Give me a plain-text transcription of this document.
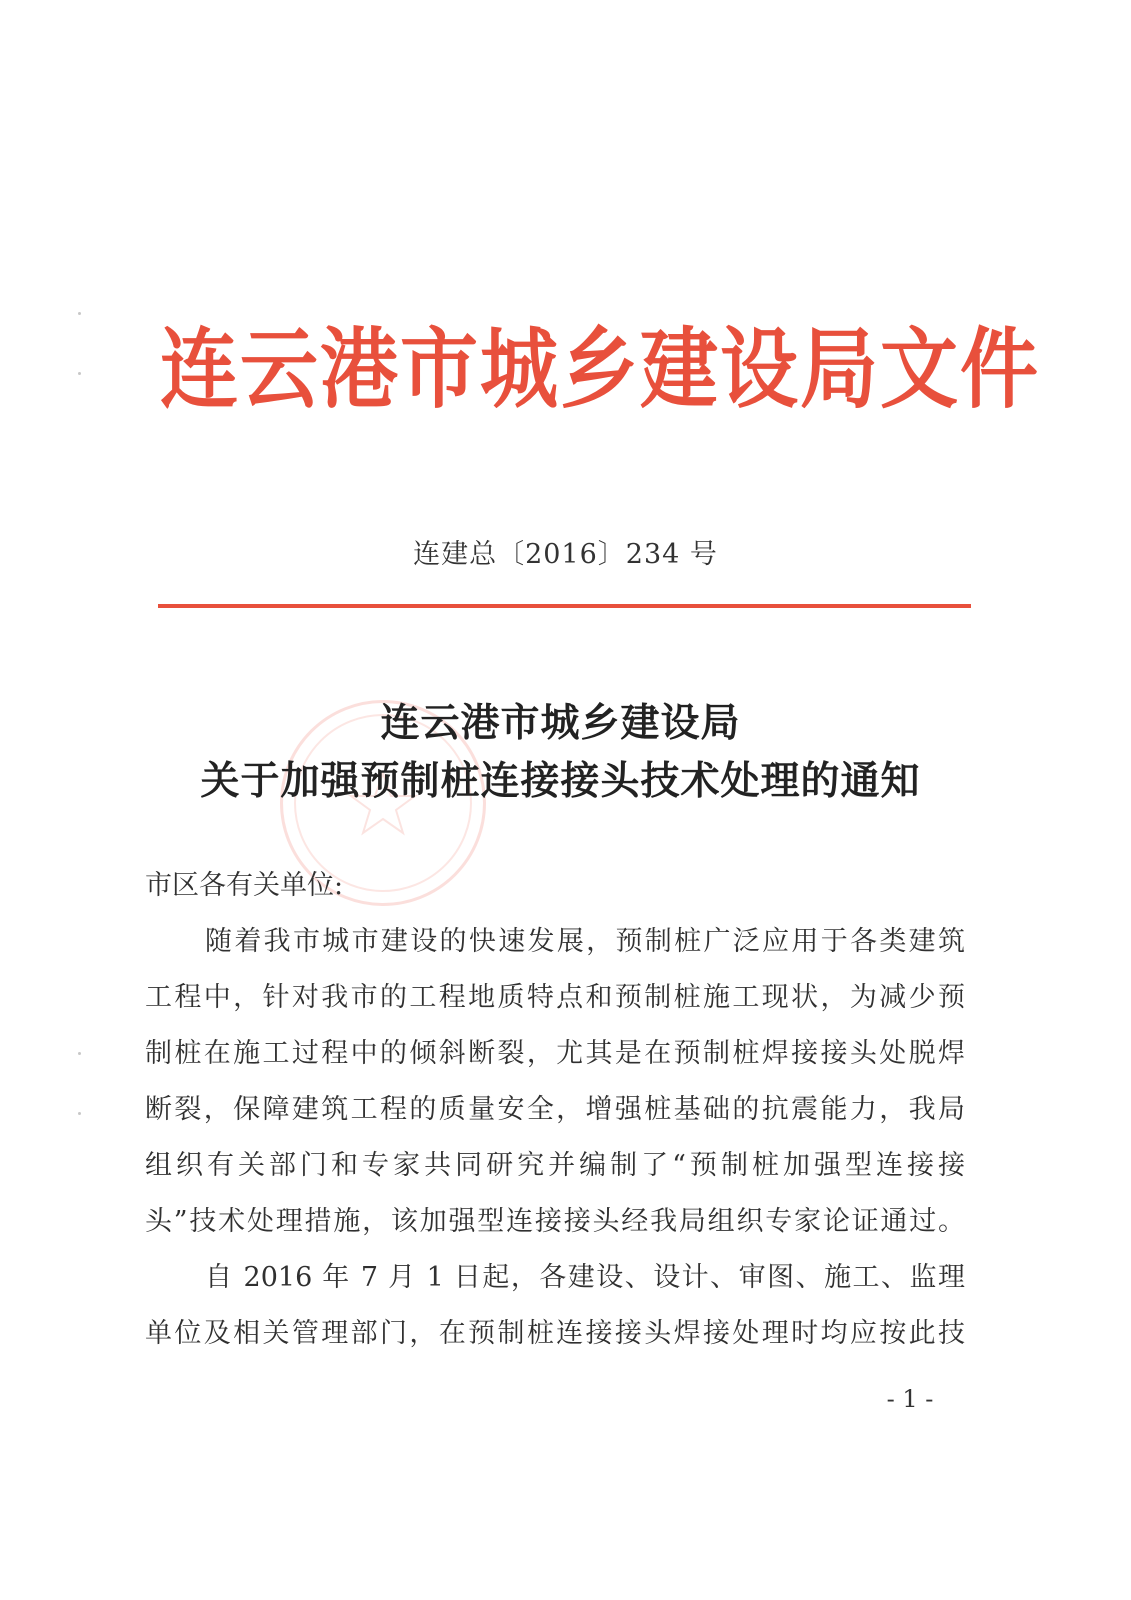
连云港市城乡建设局文件
连建总〔2016〕234 号
连云港市城乡建设局
关于加强预制桩连接接头技术处理的通知
市区各有关单位:
随着我市城市建设的快速发展，预制桩广泛应用于各类建筑
工程中，针对我市的工程地质特点和预制桩施工现状，为减少预
制桩在施工过程中的倾斜断裂，尤其是在预制桩焊接接头处脱焊
断裂，保障建筑工程的质量安全，增强桩基础的抗震能力，我局
组织有关部门和专家共同研究并编制了“预制桩加强型连接接
头”技术处理措施，该加强型连接接头经我局组织专家论证通过。
自 2016 年 7 月 1 日起，各建设、设计、审图、施工、监理
单位及相关管理部门，在预制桩连接接头焊接处理时均应按此技
- 1 -
